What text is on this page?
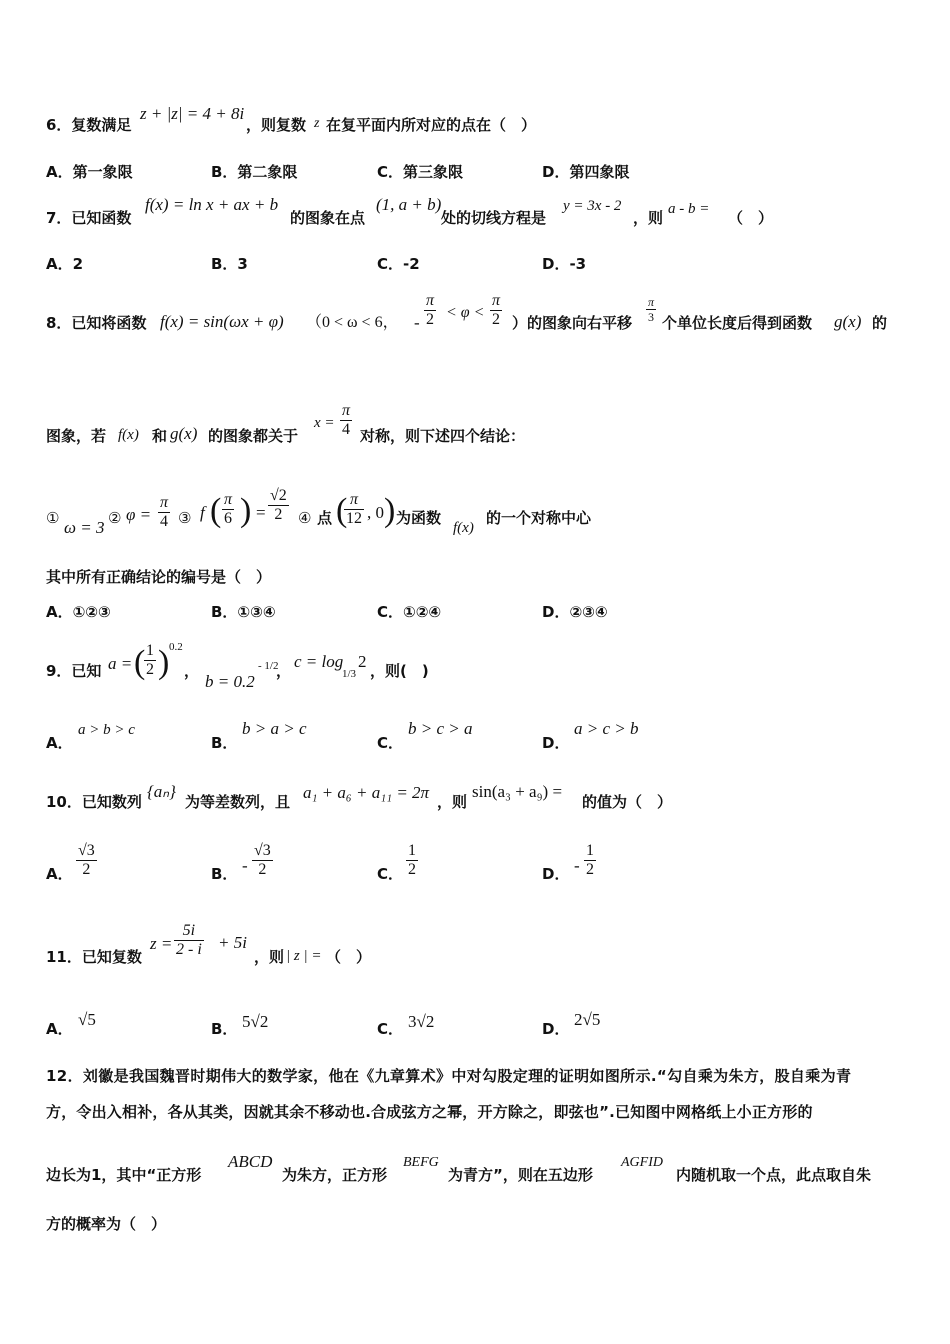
6．复数满足
z + |z| = 4 + 8i
，则复数 z 在复平面内所对应的点在（　）
A．第一象限	B．第二象限	C．第三象限	D．第四象限
7．已知函数
f(x) = ln x + ax + b
的图象在点
(1, a + b)
处的切线方程是
y = 3x - 2
，则 a - b = （　）
A．2	B．3	C．-2	D．-3
8．已知将函数 f(x) = sin(ωx + φ) （0 < ω < 6， - $\frac{\pi}{2} < \varphi < \frac{\pi}{2}$ ）的图象向右平移 $\frac{\pi}{3}$ 个单位长度后得到函数 g(x) 的
图象，若 f(x) 和 g(x) 的图象都关于
$x = \frac{\pi}{4}$ 对称，则下述四个结论：
① ω = 3 ② $\varphi = \frac{\pi}{4}$ ③ f ( $\frac{\pi}{6}$ ) = $\frac{√2}{2}$ ④ 点 (
$\frac{\pi}{12}$ , 0 ) 为函数
f(x)
的一个对称中心
其中所有正确结论的编号是（　）
A．①②③	B．①③④	C．①②④	D．②③④
9．已知 a = (
$\frac{1}{2}$ ) 0.2
，
b = 0.2
- 1/2
， c = log
1/3
2 ，则(　)
A．
a > b > c
B．
b > a > c
C．
b > c > a
D．
a > c > b
10．已知数列
{aₙ}
为等差数列，且 a₁ + a₆ + a₁₁ = 2π ，则
sin(a₃ + a₉) =
的值为（　）
A． $\frac{√3}{2}$	B． - $\frac{√3}{2}$	C． $\frac{1}{2}$	D． - $\frac{1}{2}$
11．已知复数
$z = \frac{5i}{2 - i} + 5i$
，则 | z | = （　）
A． √5	B． 5√2	C． 3√2	D． 2√5
12．刘徽是我国魏晋时期伟大的数学家，他在《九章算术》中对勾股定理的证明如图所示.“勾自乘为朱方，股自乘为青
方，令出入相补，各从其类，因就其余不移动也.合成弦方之幂，开方除之，即弦也”.已知图中网格纸上小正方形的
边长为1，其中“正方形
ABCD
为朱方，正方形
BEFG
为青方”，则在五边形
AGFID
内随机取一个点，此点取自朱
方的概率为（　）
